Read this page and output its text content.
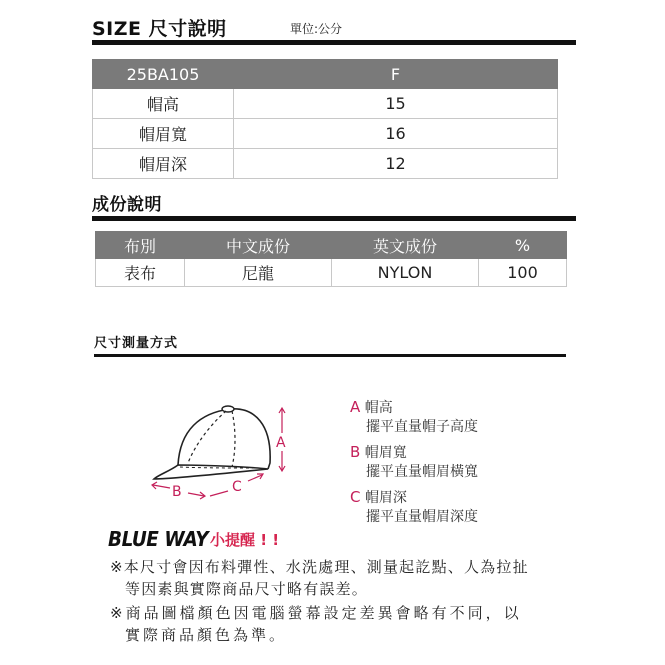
SIZE 尺寸說明	單位:公分
25BA105	F
帽高	15
帽眉寬	16
帽眉深	12
成份說明
布別	中文成份	英文成份	%
表布	尼龍	NYLON	100
尺寸測量方式
A
B	C
A 帽高
擺平直量帽子高度
B 帽眉寬
擺平直量帽眉橫寬
C 帽眉深
擺平直量帽眉深度
BLUE WAY 小提醒 ! !
※本尺寸會因布料彈性、水洗處理、測量起訖點、人為拉扯
等因素與實際商品尺寸略有誤差。
※商品圖檔顏色因電腦螢幕設定差異會略有不同，以
實際商品顏色為準。
